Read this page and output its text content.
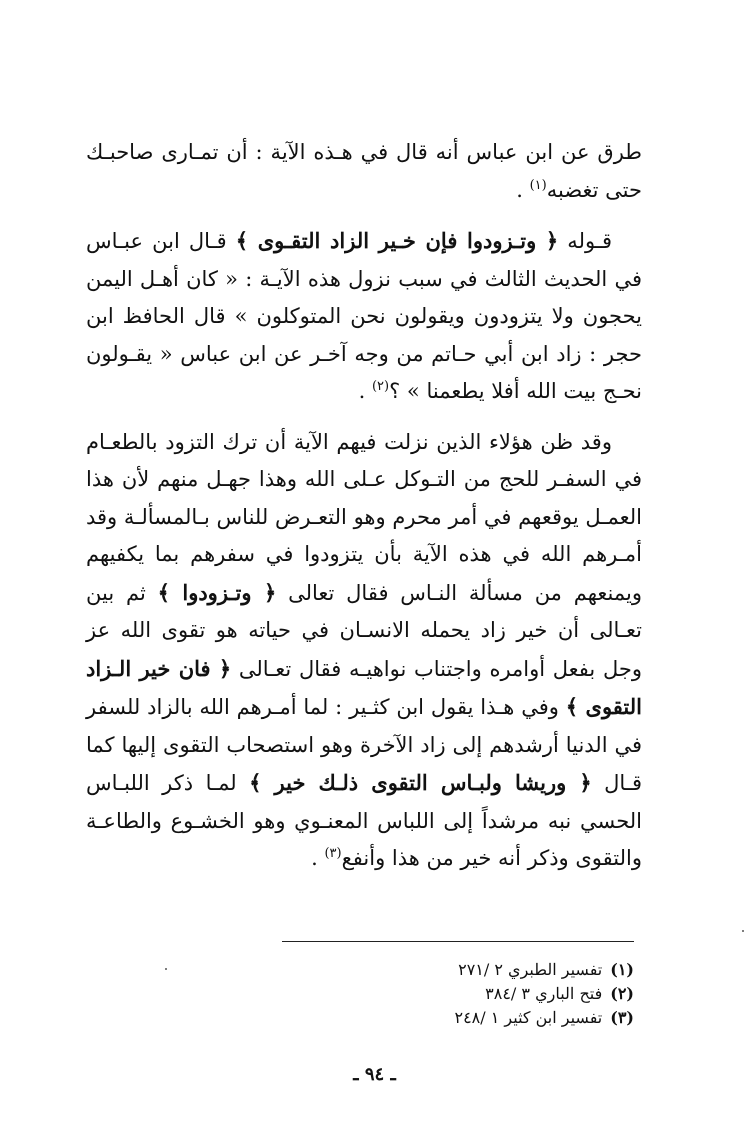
طرق عن ابن عباس أنه قال في هـذه الآية : أن تمـارى صاحبـك حتى تغضبه$^{(١)}$ .

قـوله ﴿ وتـزودوا فإن خـير الزاد التقـوى ﴾ قـال ابن عبـاس في الحديث الثالث في سبب نزول هذه الآيـة : « كان أهـل اليمن يحجون ولا يتزودون ويقولون نحن المتوكلون » قال الحافظ ابن حجر : زاد ابن أبي حـاتم من وجه آخـر عن ابن عباس « يقـولون نحـج بيت الله أفلا يطعمنا » ؟$^{(٢)}$ .

وقد ظن هؤلاء الذين نزلت فيهم الآية أن ترك التزود بالطعـام في السفـر للحج من التـوكل عـلى الله وهذا جهـل منهم لأن هذا العمـل يوقعهم في أمر محرم وهو التعـرض للناس بـالمسألـة وقد أمـرهم الله في هذه الآية بأن يتزودوا في سفرهم بما يكفيهم ويمنعهم من مسألة النـاس فقال تعالى ﴿ وتـزودوا ﴾ ثم بين تعـالى أن خير زاد يحمله الانسـان في حياته هو تقوى الله عز وجل بفعل أوامره واجتناب نواهيـه فقال تعـالى ﴿ فان خير الـزاد التقوى ﴾ وفي هـذا يقول ابن كثـير : لما أمـرهم الله بالزاد للسفر في الدنيا أرشدهم إلى زاد الآخرة وهو استصحاب التقوى إليها كما قـال ﴿ وريشا ولبـاس التقوى ذلـك خير ﴾ لمـا ذكر اللبـاس الحسي نبه مرشداً إلى اللباس المعنـوي وهو الخشـوع والطاعـة والتقوى وذكر أنه خير من هذا وأنفع$^{(٣)}$ .

(١)تفسير الطبري ٢ /٢٧١
(٢)فتح الباري ٣ /٣٨٤
(٣)تفسير ابن كثير ١ /٢٤٨
ـ ٩٤ ـ
